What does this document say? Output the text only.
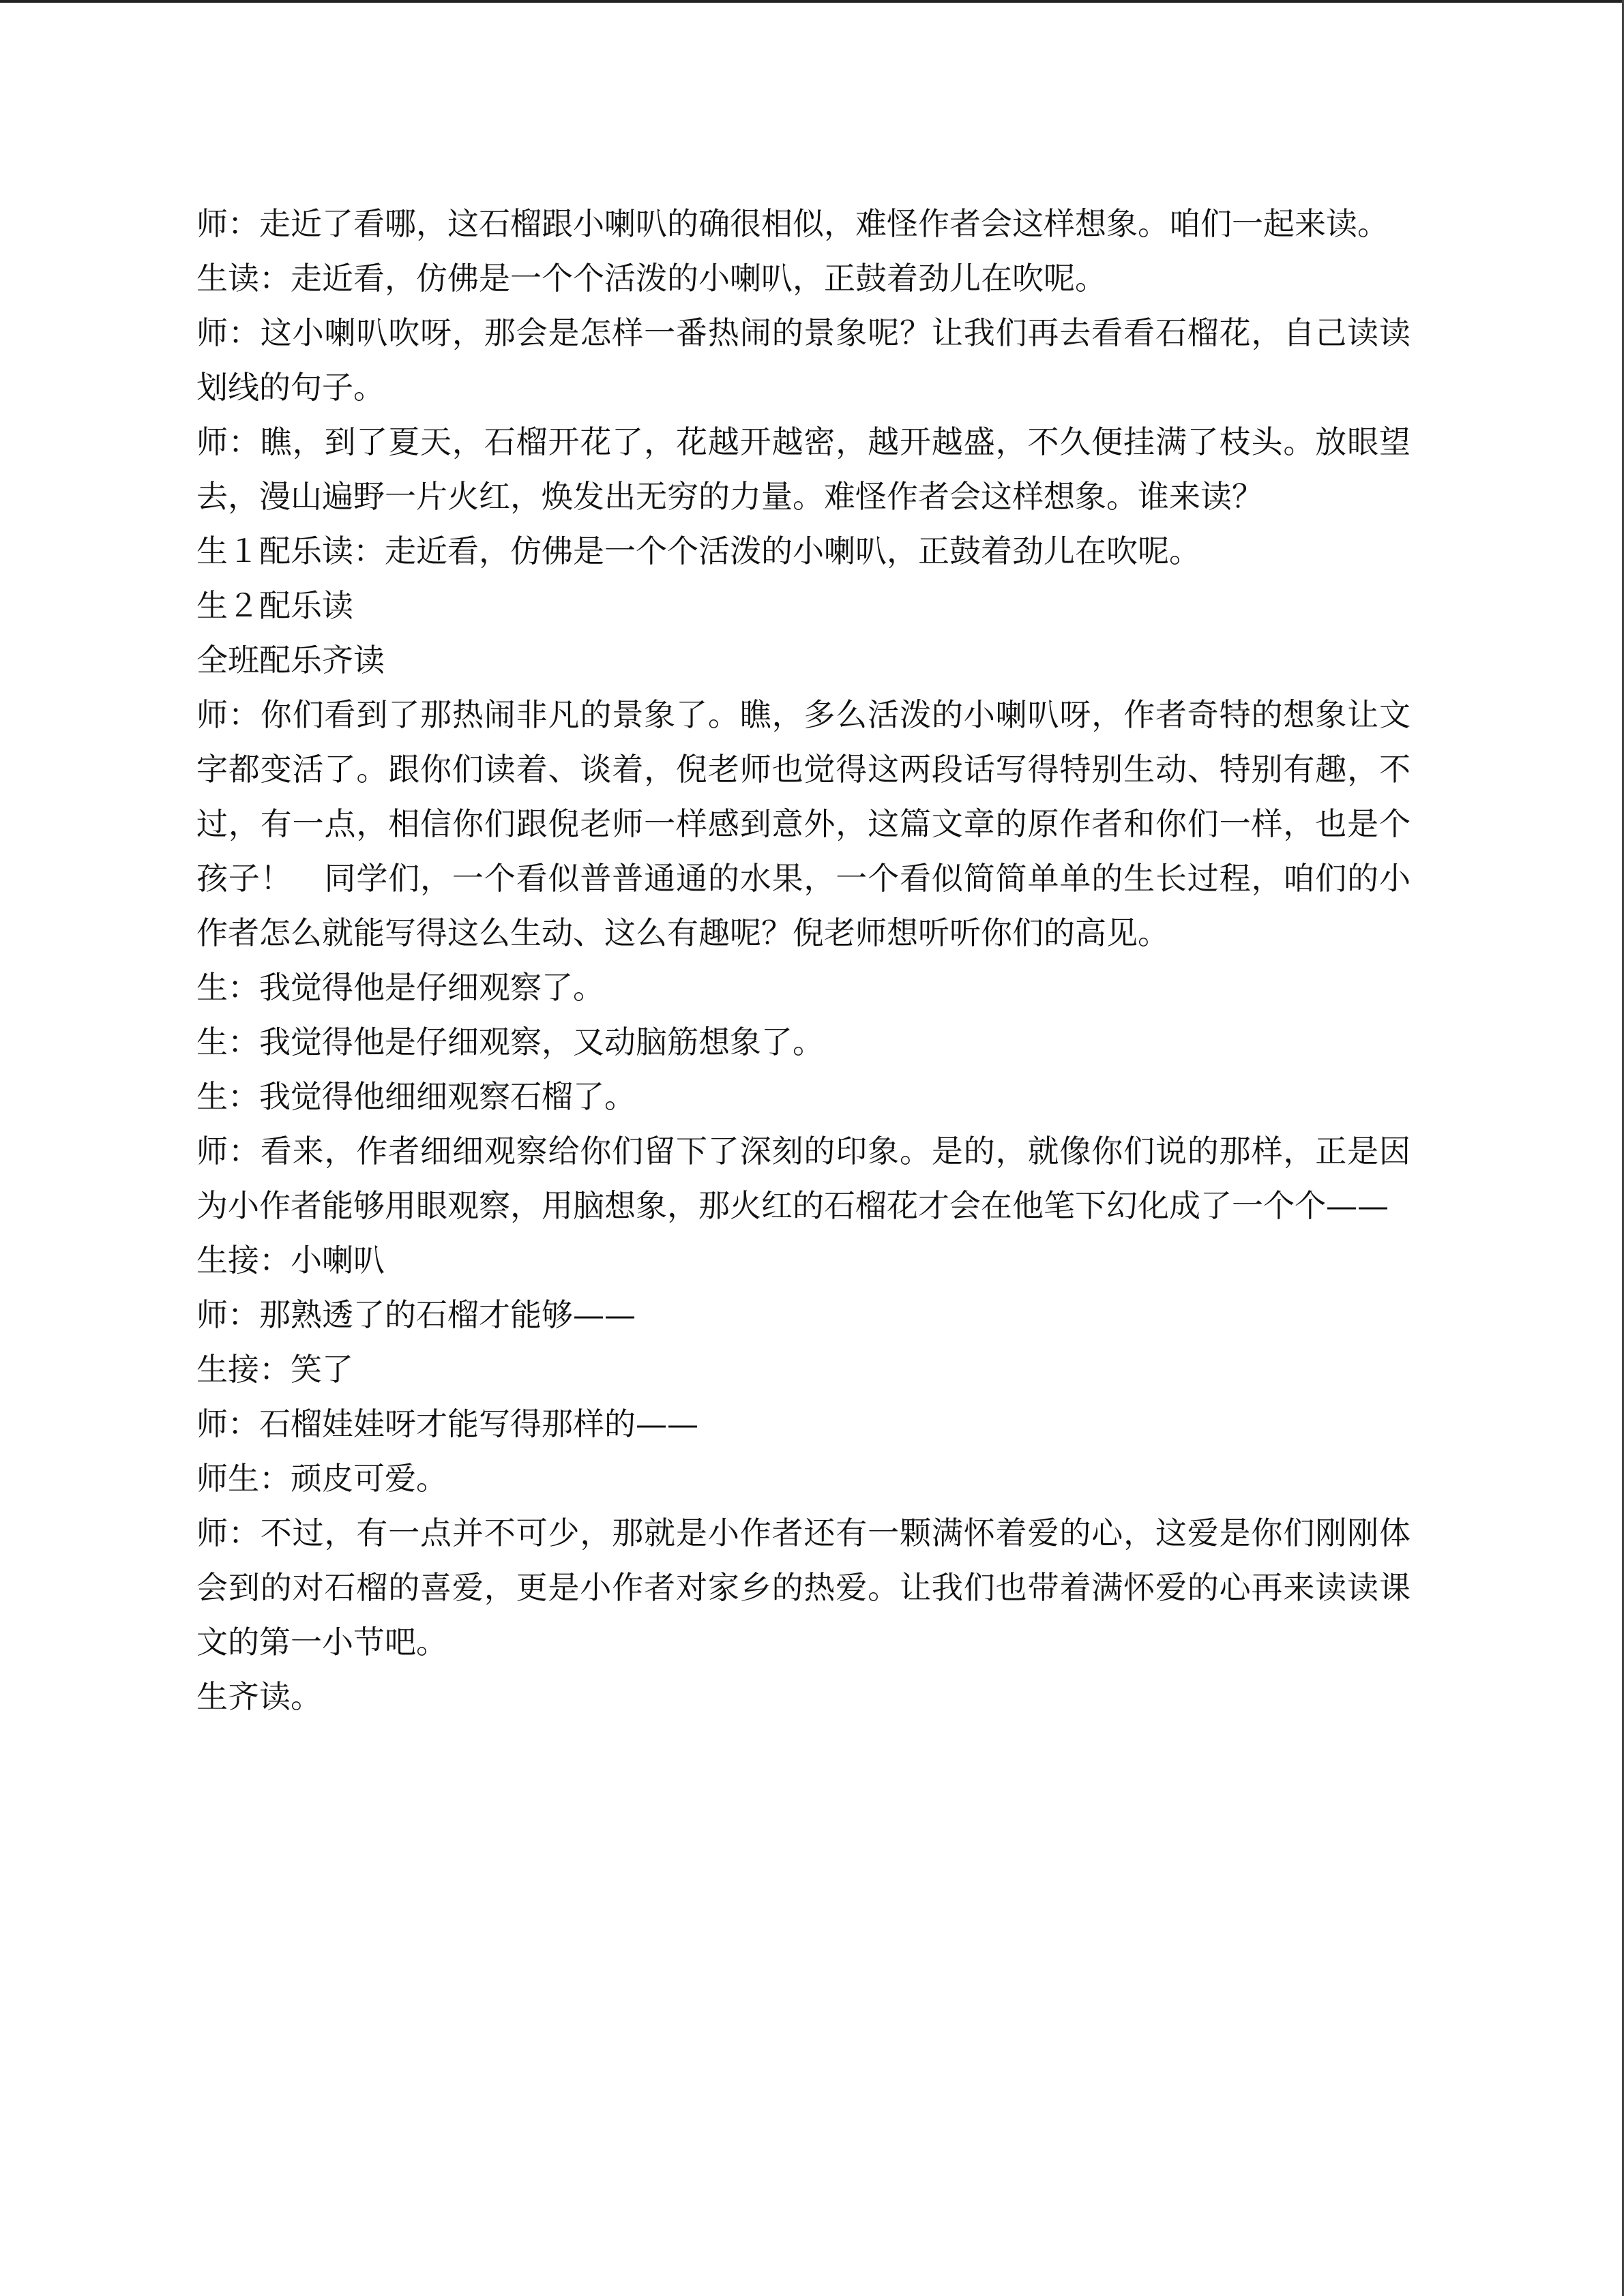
师：走近了看哪，这石榴跟小喇叭的确很相似，难怪作者会这样想象。咱们一起来读。

生读：走近看，仿佛是一个个活泼的小喇叭，正鼓着劲儿在吹呢。

师：这小喇叭吹呀，那会是怎样一番热闹的景象呢？让我们再去看看石榴花，自己读读划线的句子。

师：瞧，到了夏天，石榴开花了，花越开越密，越开越盛，不久便挂满了枝头。放眼望去，漫山遍野一片火红，焕发出无穷的力量。难怪作者会这样想象。谁来读？

生１配乐读：走近看，仿佛是一个个活泼的小喇叭，正鼓着劲儿在吹呢。

生２配乐读

全班配乐齐读

师：你们看到了那热闹非凡的景象了。瞧，多么活泼的小喇叭呀，作者奇特的想象让文字都变活了。跟你们读着、谈着，倪老师也觉得这两段话写得特别生动、特别有趣，不过，有一点，相信你们跟倪老师一样感到意外，这篇文章的原作者和你们一样，也是个孩子！　同学们，一个看似普普通通的水果，一个看似简简单单的生长过程，咱们的小作者怎么就能写得这么生动、这么有趣呢？倪老师想听听你们的高见。

生：我觉得他是仔细观察了。

生：我觉得他是仔细观察，又动脑筋想象了。

生：我觉得他细细观察石榴了。

师：看来，作者细细观察给你们留下了深刻的印象。是的，就像你们说的那样，正是因为小作者能够用眼观察，用脑想象，那火红的石榴花才会在他笔下幻化成了一个个——

生接：小喇叭

师：那熟透了的石榴才能够——

生接：笑了

师：石榴娃娃呀才能写得那样的——

师生：顽皮可爱。

师：不过，有一点并不可少，那就是小作者还有一颗满怀着爱的心，这爱是你们刚刚体会到的对石榴的喜爱，更是小作者对家乡的热爱。让我们也带着满怀爱的心再来读读课文的第一小节吧。

生齐读。
